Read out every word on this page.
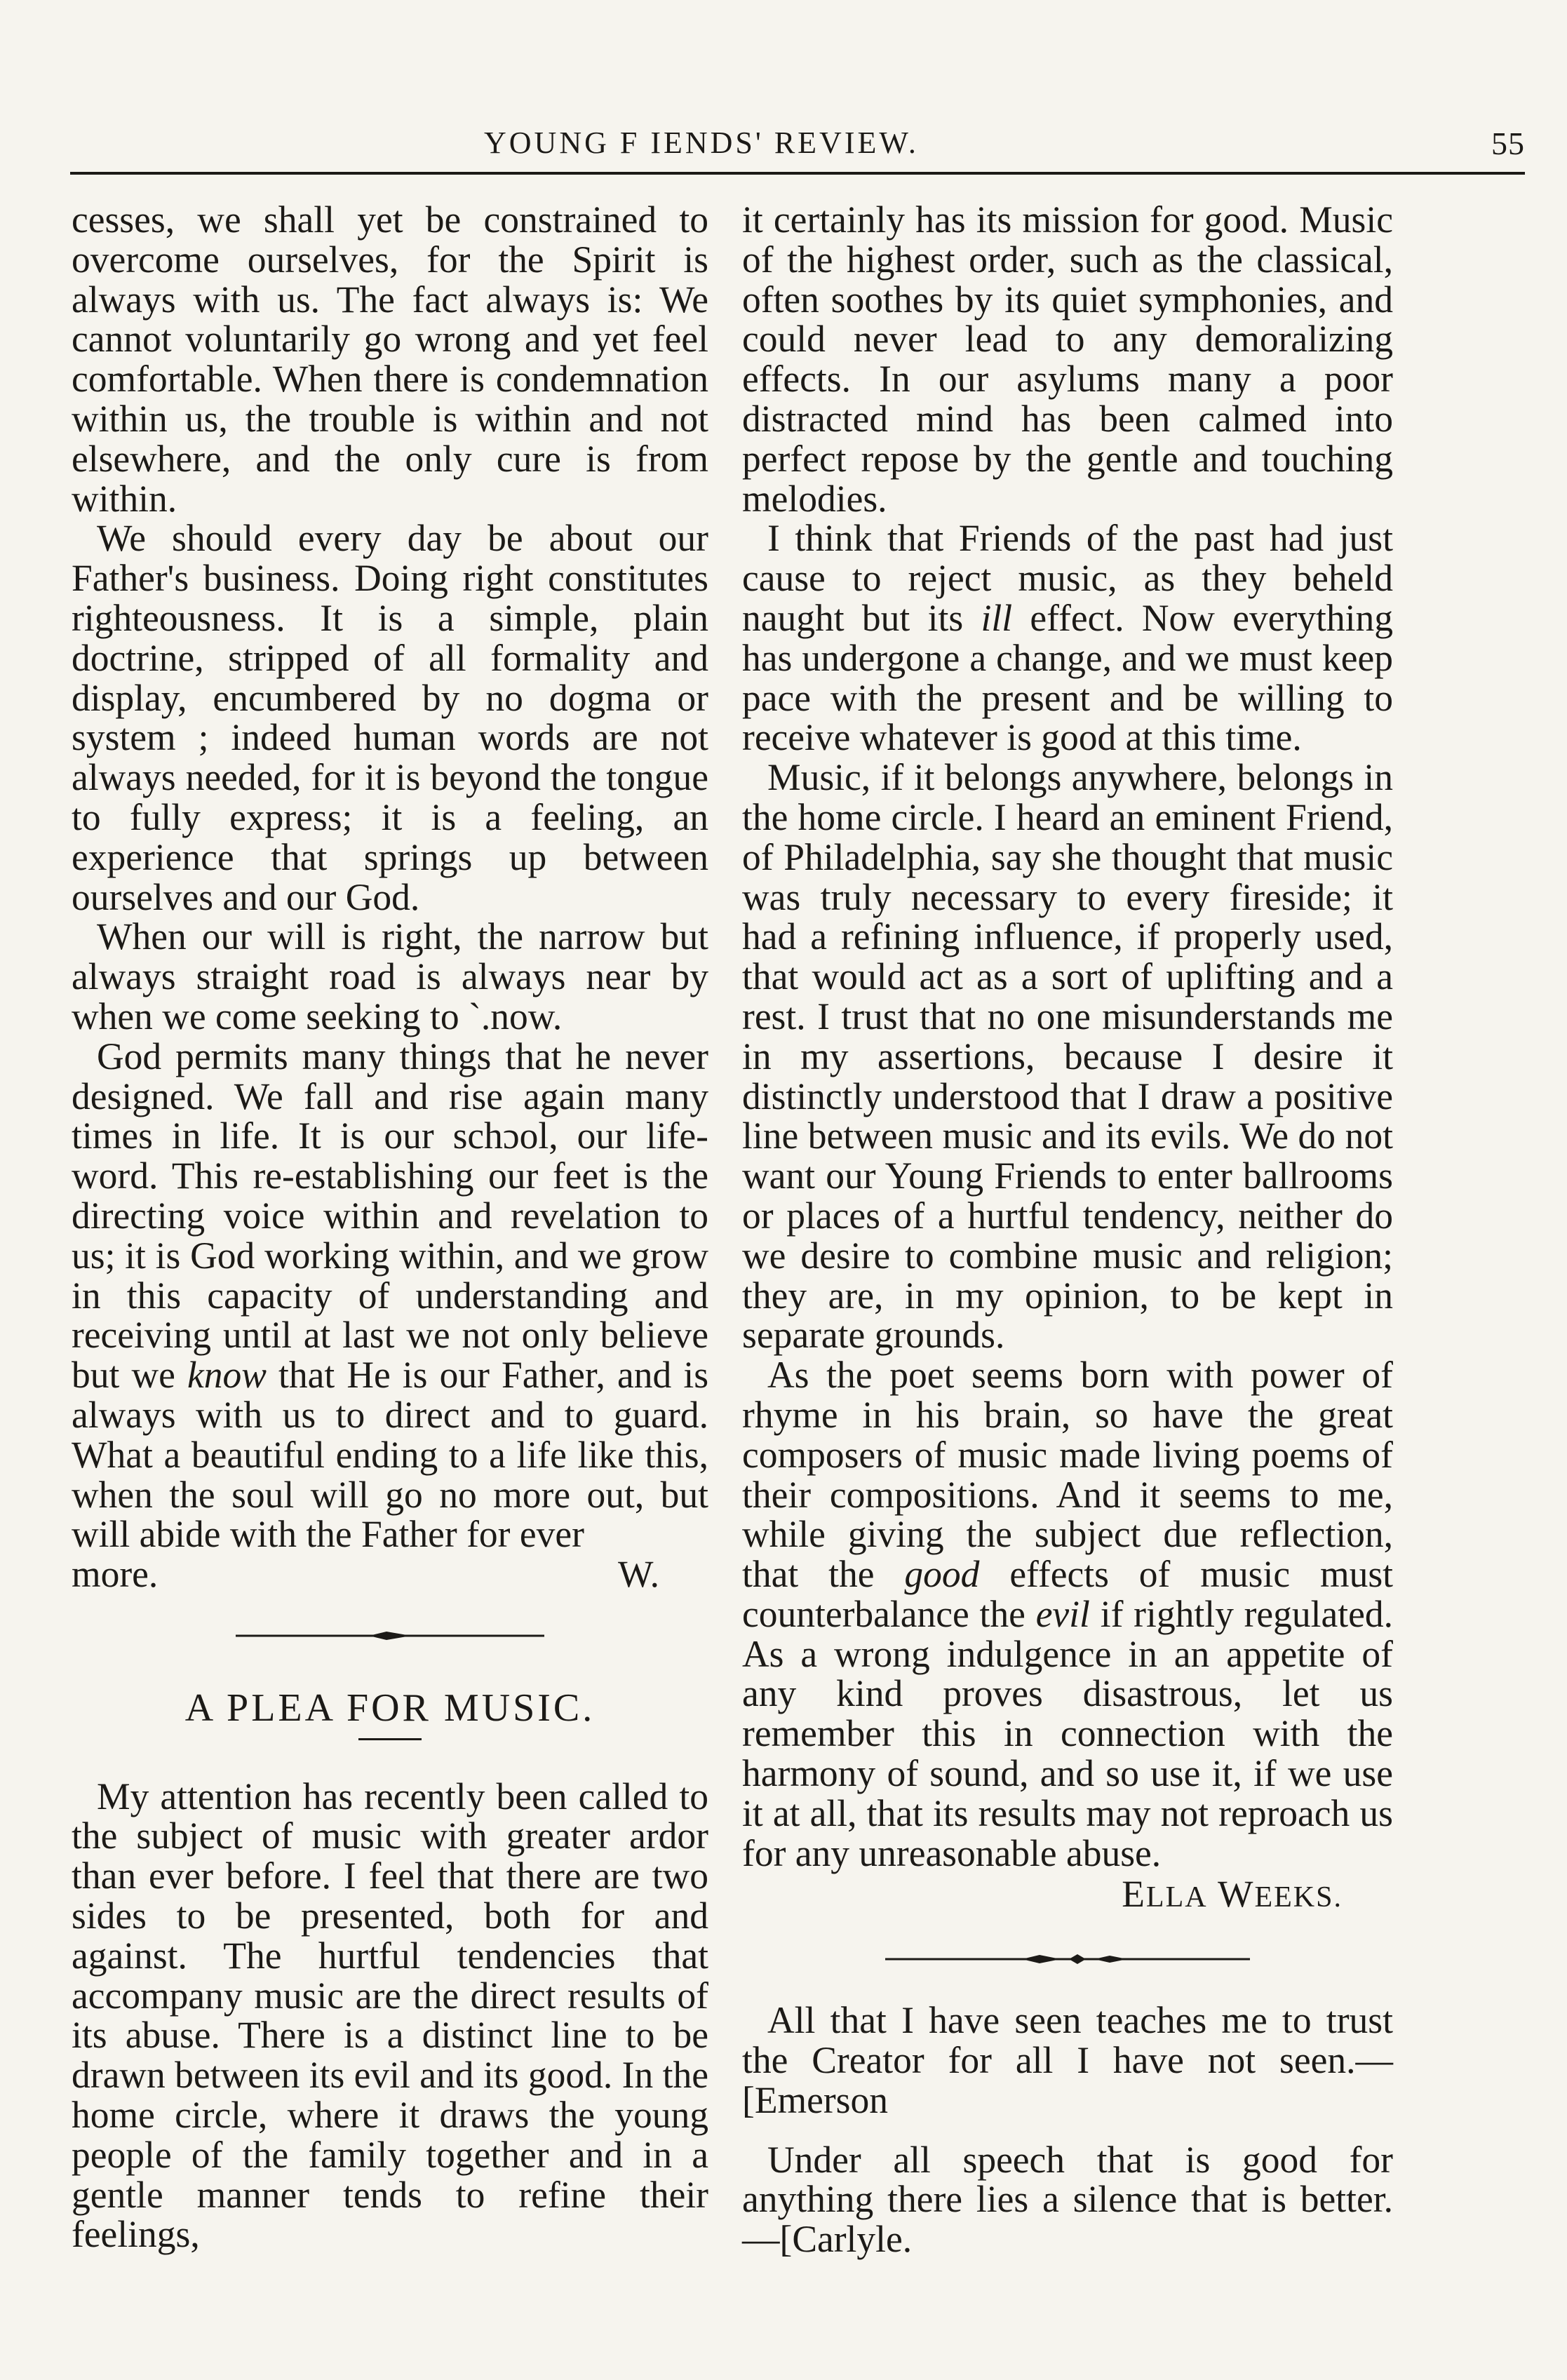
YOUNG F IENDS' REVIEW.	55

cesses, we shall yet be constrained to overcome ourselves, for the Spirit is always with us. The fact always is: We cannot voluntarily go wrong and yet feel comfortable. When there is condemnation within us, the trouble is within and not elsewhere, and the only cure is from within.

We should every day be about our Father's business. Doing right constitutes righteousness. It is a simple, plain doctrine, stripped of all formality and display, encumbered by no dogma or system ; indeed human words are not always needed, for it is beyond the tongue to fully express; it is a feeling, an experience that springs up between ourselves and our God.

When our will is right, the narrow but always straight road is always near by when we come seeking to ˋ.now.

God permits many things that he never designed. We fall and rise again many times in life. It is our schɔol, our life-word. This re-establishing our feet is the directing voice within and revelation to us; it is God working within, and we grow in this capacity of understanding and receiving until at last we not only believe but we know that He is our Father, and is always with us to direct and to guard. What a beautiful ending to a life like this, when the soul will go no more out, but will abide with the Father for ever

more.	W.
A PLEA FOR MUSIC.

My attention has recently been called to the subject of music with greater ardor than ever before. I feel that there are two sides to be presented, both for and against. The hurtful tendencies that accompany music are the direct results of its abuse. There is a distinct line to be drawn between its evil and its good. In the home circle, where it draws the young people of the family together and in a gentle manner tends to refine their feelings,

it certainly has its mission for good. Music of the highest order, such as the classical, often soothes by its quiet symphonies, and could never lead to any demoralizing effects. In our asylums many a poor distracted mind has been calmed into perfect repose by the gentle and touching melodies.

I think that Friends of the past had just cause to reject music, as they beheld naught but its ill effect. Now everything has undergone a change, and we must keep pace with the present and be willing to receive whatever is good at this time.

Music, if it belongs anywhere, belongs in the home circle. I heard an eminent Friend, of Philadelphia, say she thought that music was truly necessary to every fireside; it had a refining influence, if properly used, that would act as a sort of uplifting and a rest. I trust that no one misunderstands me in my assertions, because I desire it distinctly understood that I draw a positive line between music and its evils. We do not want our Young Friends to enter ballrooms or places of a hurtful tendency, neither do we desire to combine music and religion; they are, in my opinion, to be kept in separate grounds.

As the poet seems born with power of rhyme in his brain, so have the great composers of music made living poems of their compositions. And it seems to me, while giving the subject due reflection, that the good effects of music must counterbalance the evil if rightly regulated. As a wrong indulgence in an appetite of any kind proves disastrous, let us remember this in connection with the harmony of sound, and so use it, if we use it at all, that its results may not reproach us for any unreasonable abuse.

ELLA WEEKS.

All that I have seen teaches me to trust the Creator for all I have not seen.—[Emerson

Under all speech that is good for anything there lies a silence that is better.—[Carlyle.
